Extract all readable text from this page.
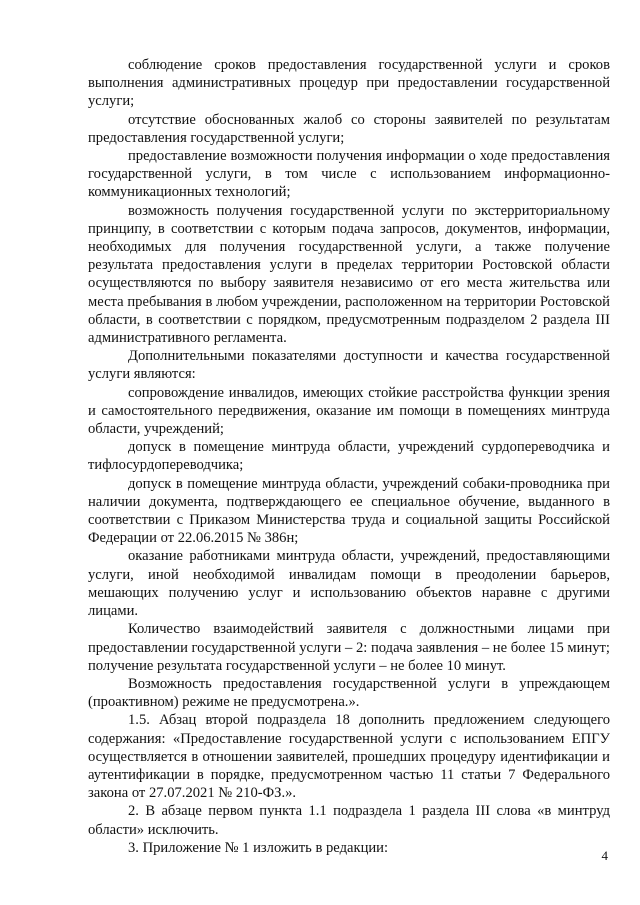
соблюдение сроков предоставления государственной услуги и сроков выполнения административных процедур при предоставлении государственной услуги;

отсутствие обоснованных жалоб со стороны заявителей по результатам предоставления государственной услуги;

предоставление возможности получения информации о ходе предоставления государственной услуги, в том числе с использованием информационно-коммуникационных технологий;

возможность получения государственной услуги по экстерриториальному принципу, в соответствии с которым подача запросов, документов, информации, необходимых для получения государственной услуги, а также получение результата предоставления услуги в пределах территории Ростовской области осуществляются по выбору заявителя независимо от его места жительства или места пребывания в любом учреждении, расположенном на территории Ростовской области, в соответствии с порядком, предусмотренным подразделом 2 раздела III административного регламента.

Дополнительными показателями доступности и качества государственной услуги являются:

сопровождение инвалидов, имеющих стойкие расстройства функции зрения и самостоятельного передвижения, оказание им помощи в помещениях минтруда области, учреждений;

допуск в помещение минтруда области, учреждений сурдопереводчика и тифлосурдопереводчика;

допуск в помещение минтруда области, учреждений собаки-проводника при наличии документа, подтверждающего ее специальное обучение, выданного в соответствии с Приказом Министерства труда и социальной защиты Российской Федерации от 22.06.2015 № 386н;

оказание работниками минтруда области, учреждений, предоставляющими услуги, иной необходимой инвалидам помощи в преодолении барьеров, мешающих получению услуг и использованию объектов наравне с другими лицами.

Количество взаимодействий заявителя с должностными лицами при предоставлении государственной услуги – 2: подача заявления – не более 15 минут; получение результата государственной услуги – не более 10 минут.

Возможность предоставления государственной услуги в упреждающем (проактивном) режиме не предусмотрена.».

1.5. Абзац второй подраздела 18 дополнить предложением следующего содержания: «Предоставление государственной услуги с использованием ЕПГУ осуществляется в отношении заявителей, прошедших процедуру идентификации и аутентификации в порядке, предусмотренном частью 11 статьи 7 Федерального закона от 27.07.2021 № 210-ФЗ.».

2. В абзаце первом пункта 1.1 подраздела 1 раздела III слова «в минтруд области» исключить.

3. Приложение № 1 изложить в редакции:	4
